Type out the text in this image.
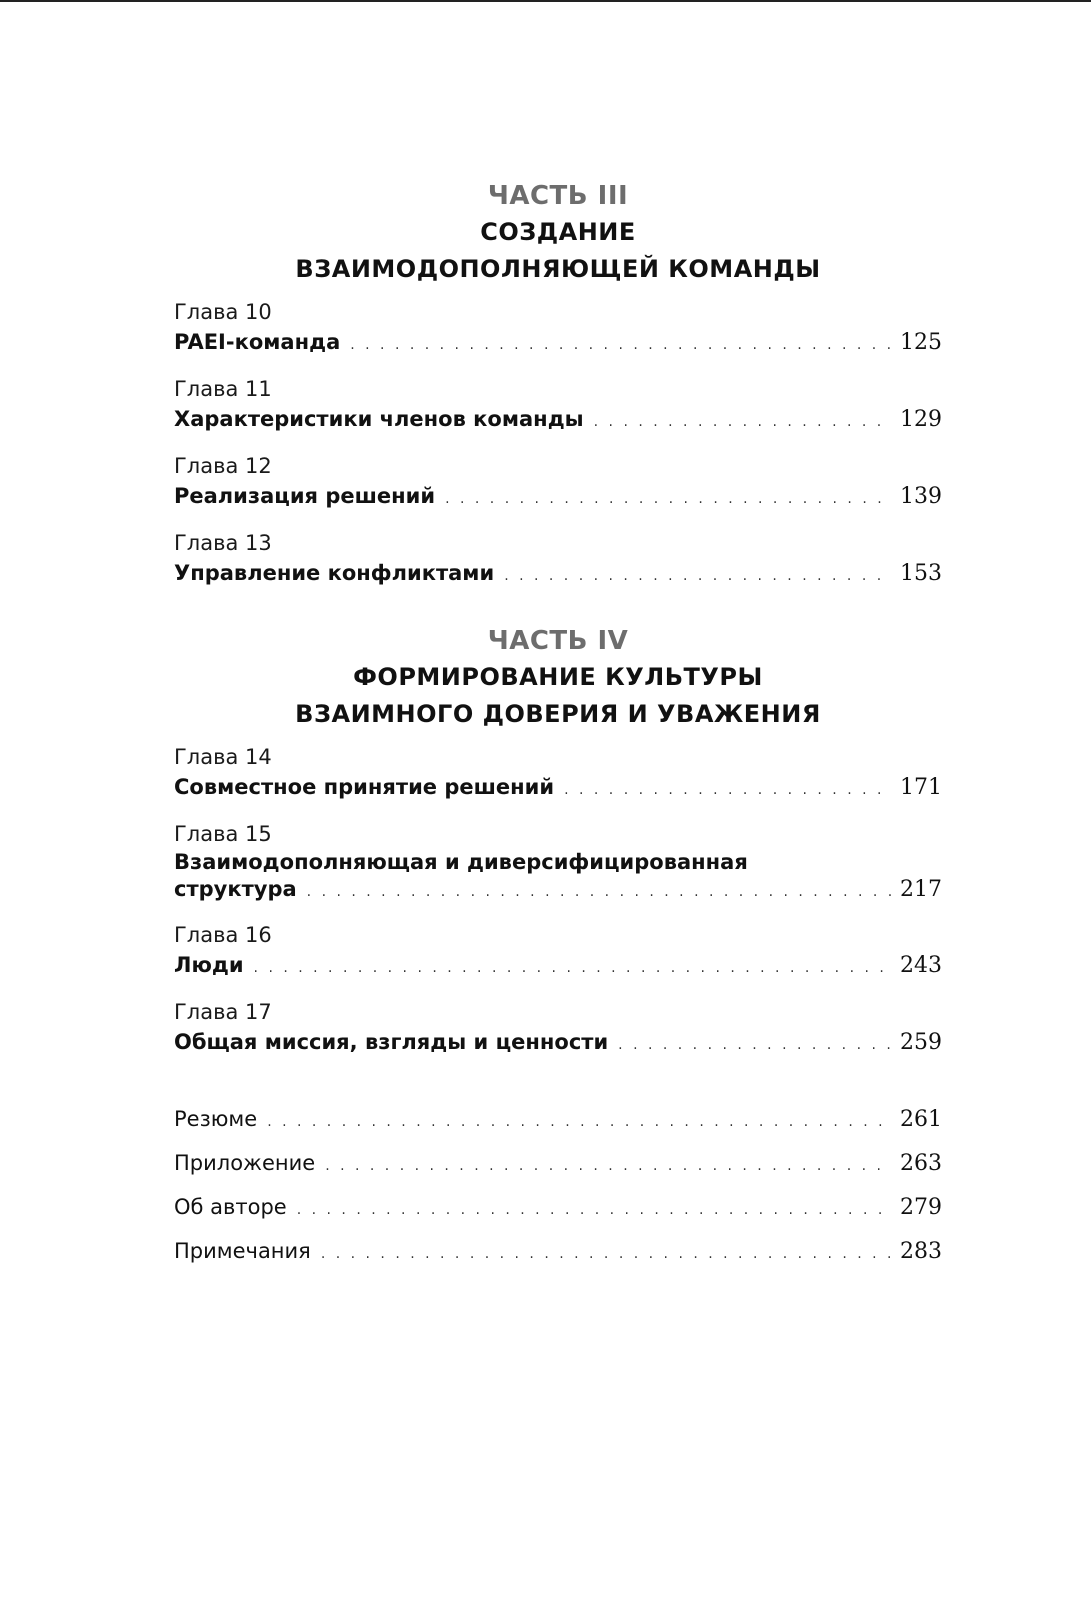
ЧАСТЬ III
СОЗДАНИЕ
ВЗАИМОДОПОЛНЯЮЩЕЙ КОМАНДЫ
Глава 10
PAEI-команда . . .	125
Глава 11
Характеристики членов команды . . .	129
Глава 12
Реализация решений . . .	139
Глава 13
Управление конфликтами . . .	153
ЧАСТЬ IV
ФОРМИРОВАНИЕ КУЛЬТУРЫ
ВЗАИМНОГО ДОВЕРИЯ И УВАЖЕНИЯ
Глава 14
Совместное принятие решений . . .	171
Глава 15
Взаимодополняющая и диверсифицированная
структура . . .	217
Глава 16
Люди . . .	243
Глава 17
Общая миссия, взгляды и ценности . . .	259
Резюме . . .	261
Приложение . . .	263
Об авторе . . .	279
Примечания . . .	283
